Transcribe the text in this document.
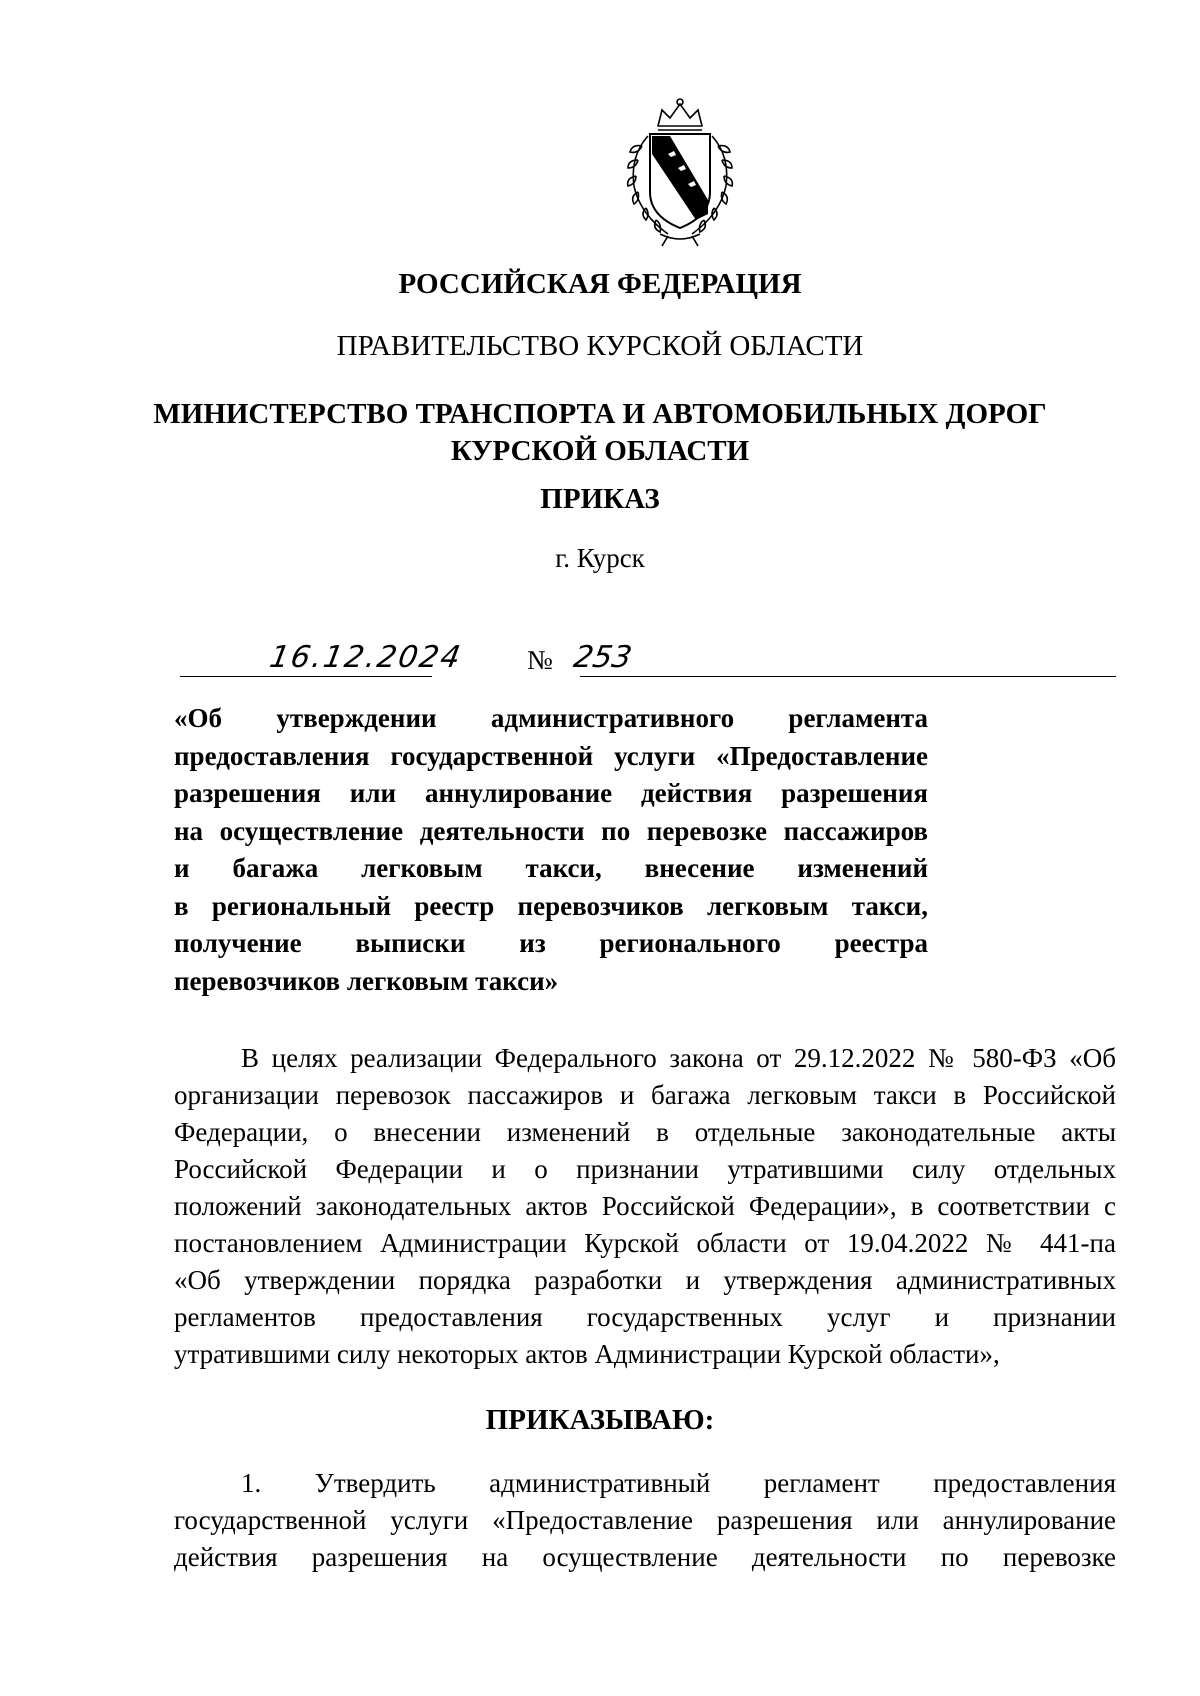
РОССИЙСКАЯ ФЕДЕРАЦИЯ
ПРАВИТЕЛЬСТВО КУРСКОЙ ОБЛАСТИ
МИНИСТЕРСТВО ТРАНСПОРТА И АВТОМОБИЛЬНЫХ ДОРОГ
КУРСКОЙ ОБЛАСТИ
ПРИКАЗ
г. Курск
16.12.2024 № 253
«Об утверждении административного регламента
предоставления государственной услуги «Предоставление
разрешения или аннулирование действия разрешения
на осуществление деятельности по перевозке пассажиров
и багажа легковым такси, внесение изменений
в региональный реестр перевозчиков легковым такси,
получение выписки из регионального реестра
перевозчиков легковым такси»
В целях реализации Федерального закона от 29.12.2022 № 580-ФЗ «Об
организации перевозок пассажиров и багажа легковым такси в Российской
Федерации, о внесении изменений в отдельные законодательные акты
Российской Федерации и о признании утратившими силу отдельных
положений законодательных актов Российской Федерации», в соответствии с
постановлением Администрации Курской области от 19.04.2022 № 441-па
«Об утверждении порядка разработки и утверждения административных
регламентов предоставления государственных услуг и признании
утратившими силу некоторых актов Администрации Курской области»,
ПРИКАЗЫВАЮ:
1. Утвердить административный регламент предоставления
государственной услуги «Предоставление разрешения или аннулирование
действия разрешения на осуществление деятельности по перевозке
